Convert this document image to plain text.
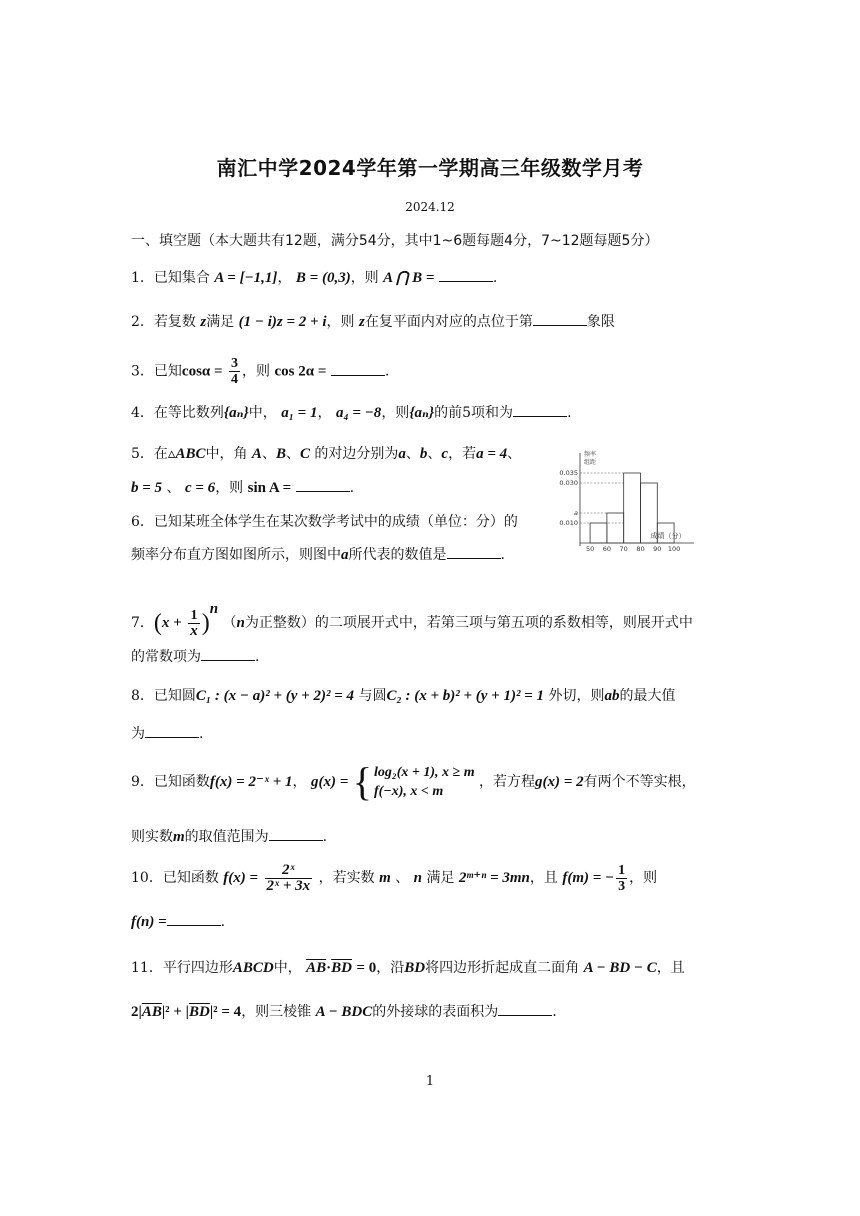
南汇中学2024学年第一学期高三年级数学月考
2024.12
一、填空题（本大题共有12题，满分54分，其中1~6题每题4分，7~12题每题5分）
1．已知集合 A = [−1,1]， B = (0,3)，则 A ⋂ B =	.
2．若复数 z满足 (1 − i)z = 2 + i，则 z在复平面内对应的点位于第	象限
3．已知$\cos\alpha = \frac{3}{4}$ ，则 cos 2α =	.
4．在等比数列{aₙ}中， a₁ = 1， a₄ = −8，则{aₙ}的前5项和为	.
5．在▵ABC中，角 A、B、C 的对边分别为a、b、c，若a = 4、
b = 5 、 c = 6，则 sin A =	.
6．已知某班全体学生在某次数学考试中的成绩（单位：分）的
频率分布直方图如图所示，则图中a所代表的数值是	.
频率
组距
0.010
a
0.030
0.035
50 60 70 80 90 100
成绩（分）
7．$(x + \frac{1}{x} )^n$ （n为正整数）的二项展开式中，若第三项与第五项的系数相等，则展开式中
的常数项为	.
8．已知圆C₁ : (x − a)² + (y + 2)² = 4 与圆C₂ : (x + b)² + (y + 1)² = 1 外切，则ab的最大值
为	.
9．已知函数f(x) = 2⁻ˣ + 1， g(x) = { log₂(x + 1), x ≥ m
f(−x), x < m
，若方程g(x) = 2有两个不等实根，
则实数m的取值范围为	.
10．已知函数 $f(x) = \frac{\text{2ˣ}}{\text{2ˣ + 3x}}$ ，若实数 m 、 n 满足 2ᵐ⁺ⁿ = 3mn，且 f(m) = − $\frac{1}{3}$ ，则
f(n) =	.
11．平行四边形ABCD中， $\overline{AB}\cdot\overline{BD} = 0$，沿BD将四边形折起成直二面角 A − BD − C，且
$2|\overline{AB}|^2 + |\overline{BD}|^2 = 4$，则三棱锥 A − BDC的外接球的表面积为	.
1
